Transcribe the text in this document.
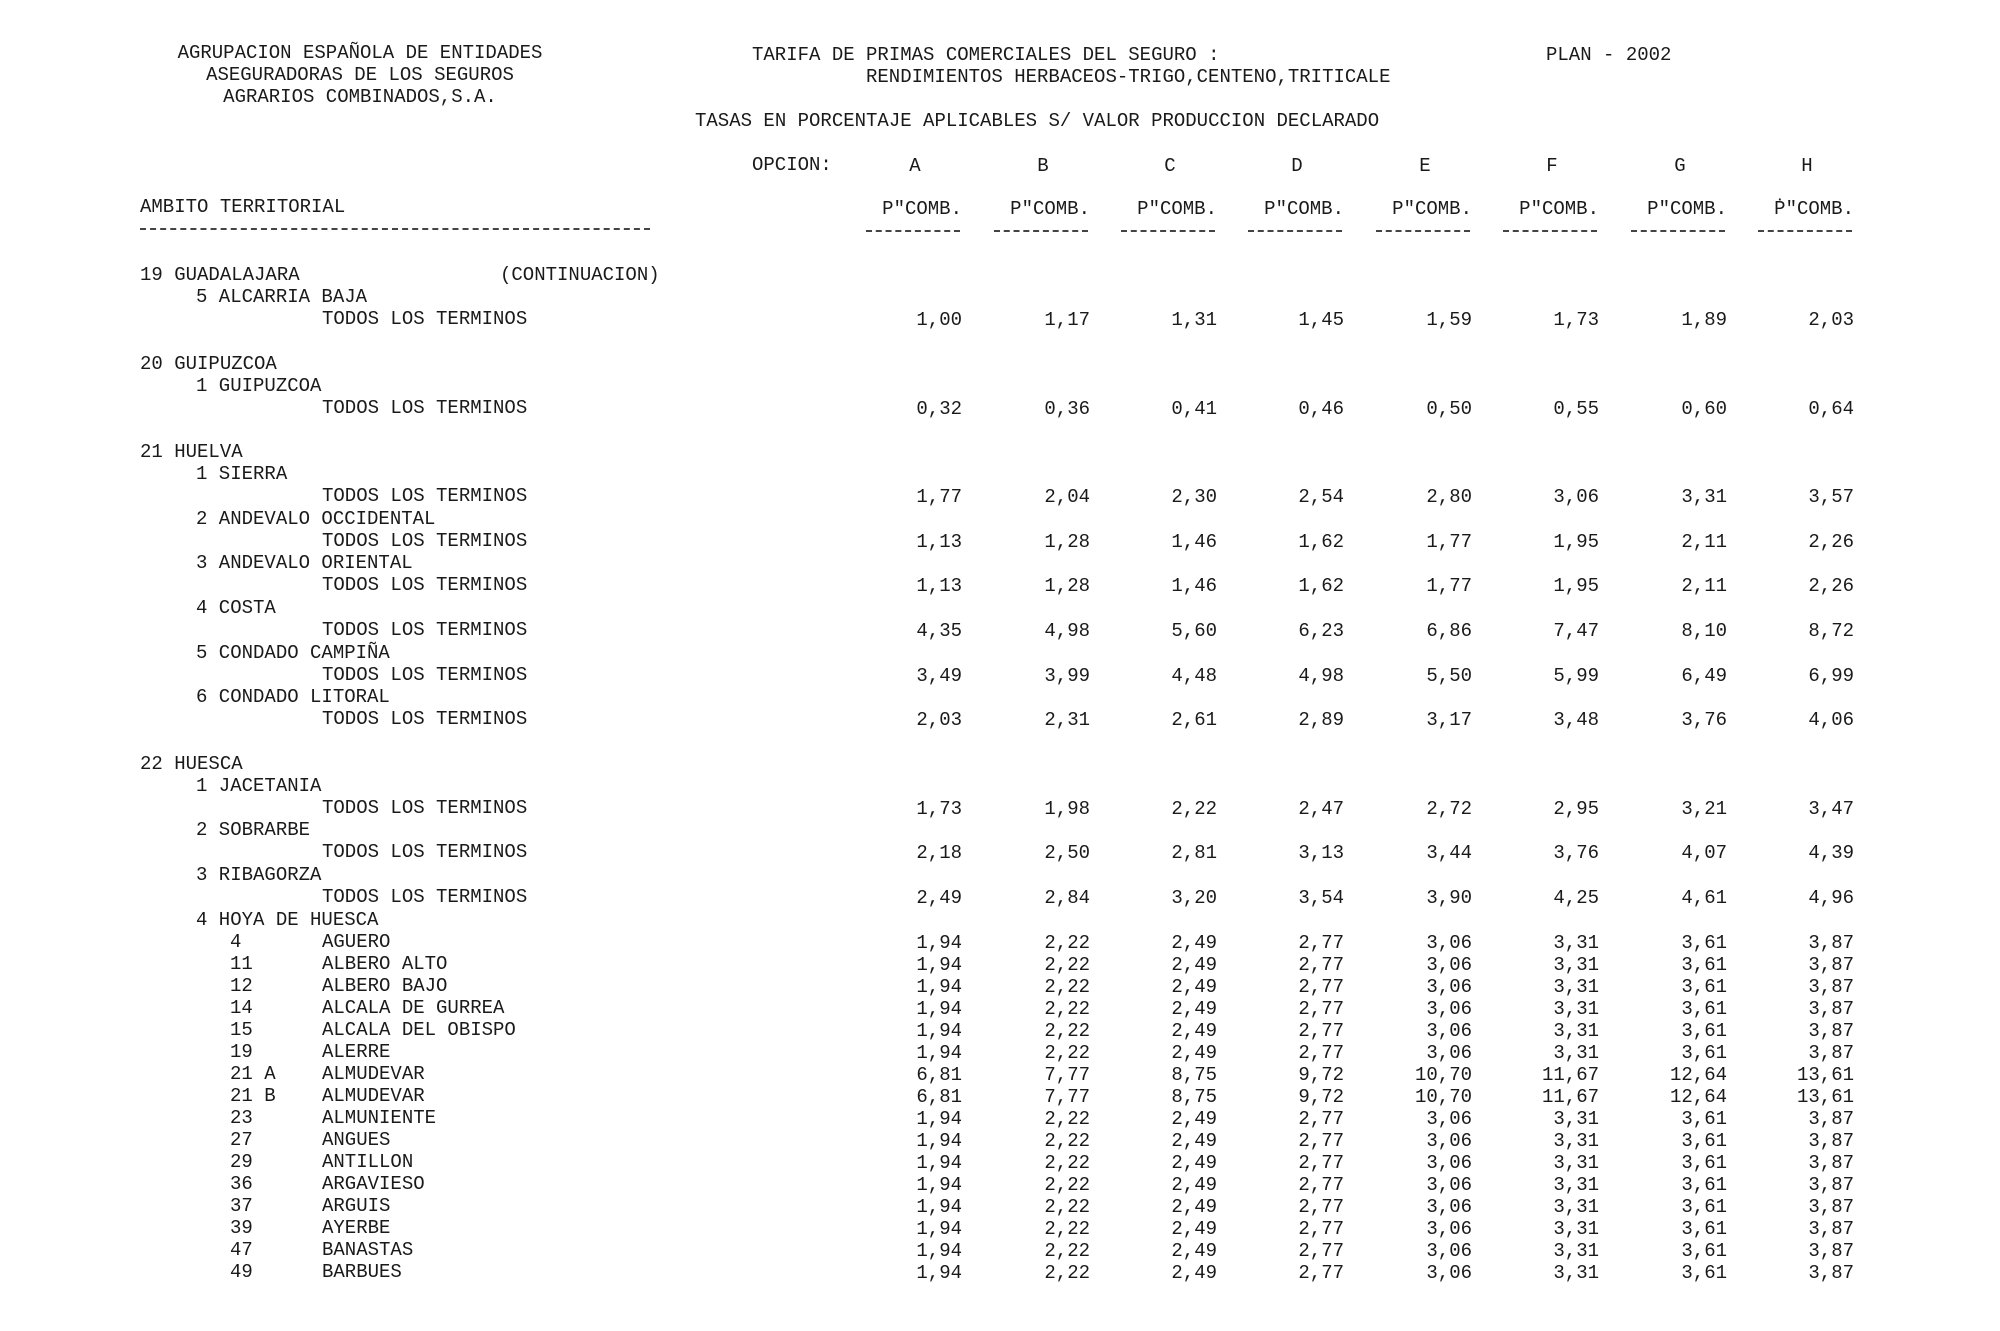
AGRUPACION ESPAÑOLA DE ENTIDADES
ASEGURADORAS DE LOS SEGUROS
AGRARIOS COMBINADOS,S.A.
TARIFA DE PRIMAS COMERCIALES DEL SEGURO :	PLAN - 2002
RENDIMIENTOS HERBACEOS-TRIGO,CENTENO,TRITICALE
TASAS EN PORCENTAJE APLICABLES S/ VALOR PRODUCCION DECLARADO
OPCION:	A	B	C	D	E	F	G	H
AMBITO TERRITORIAL	P"COMB.	P"COMB.	P"COMB.	P"COMB.	P"COMB.	P"COMB.	P"COMB.	Ṗ"COMB.
19 GUADALAJARA	(CONTINUACION)
5 ALCARRIA BAJA
TODOS LOS TERMINOS	1,00	1,17	1,31	1,45	1,59	1,73	1,89	2,03
20 GUIPUZCOA
1 GUIPUZCOA
TODOS LOS TERMINOS	0,32	0,36	0,41	0,46	0,50	0,55	0,60	0,64
21 HUELVA
1 SIERRA
TODOS LOS TERMINOS	1,77	2,04	2,30	2,54	2,80	3,06	3,31	3,57
2 ANDEVALO OCCIDENTAL
TODOS LOS TERMINOS	1,13	1,28	1,46	1,62	1,77	1,95	2,11	2,26
3 ANDEVALO ORIENTAL
TODOS LOS TERMINOS	1,13	1,28	1,46	1,62	1,77	1,95	2,11	2,26
4 COSTA
TODOS LOS TERMINOS	4,35	4,98	5,60	6,23	6,86	7,47	8,10	8,72
5 CONDADO CAMPIÑA
TODOS LOS TERMINOS	3,49	3,99	4,48	4,98	5,50	5,99	6,49	6,99
6 CONDADO LITORAL
TODOS LOS TERMINOS	2,03	2,31	2,61	2,89	3,17	3,48	3,76	4,06
22 HUESCA
1 JACETANIA
TODOS LOS TERMINOS	1,73	1,98	2,22	2,47	2,72	2,95	3,21	3,47
2 SOBRARBE
TODOS LOS TERMINOS	2,18	2,50	2,81	3,13	3,44	3,76	4,07	4,39
3 RIBAGORZA
TODOS LOS TERMINOS	2,49	2,84	3,20	3,54	3,90	4,25	4,61	4,96
4 HOYA DE HUESCA
4	AGUERO	1,94	2,22	2,49	2,77	3,06	3,31	3,61	3,87
11	ALBERO ALTO	1,94	2,22	2,49	2,77	3,06	3,31	3,61	3,87
12	ALBERO BAJO	1,94	2,22	2,49	2,77	3,06	3,31	3,61	3,87
14	ALCALA DE GURREA	1,94	2,22	2,49	2,77	3,06	3,31	3,61	3,87
15	ALCALA DEL OBISPO	1,94	2,22	2,49	2,77	3,06	3,31	3,61	3,87
19	ALERRE	1,94	2,22	2,49	2,77	3,06	3,31	3,61	3,87
21 A ALMUDEVAR	6,81	7,77	8,75	9,72	10,70	11,67	12,64	13,61
21 B ALMUDEVAR	6,81	7,77	8,75	9,72	10,70	11,67	12,64	13,61
23	ALMUNIENTE	1,94	2,22	2,49	2,77	3,06	3,31	3,61	3,87
27	ANGUES	1,94	2,22	2,49	2,77	3,06	3,31	3,61	3,87
29	ANTILLON	1,94	2,22	2,49	2,77	3,06	3,31	3,61	3,87
36	ARGAVIESO	1,94	2,22	2,49	2,77	3,06	3,31	3,61	3,87
37	ARGUIS	1,94	2,22	2,49	2,77	3,06	3,31	3,61	3,87
39	AYERBE	1,94	2,22	2,49	2,77	3,06	3,31	3,61	3,87
47	BANASTAS	1,94	2,22	2,49	2,77	3,06	3,31	3,61	3,87
49	BARBUES	1,94	2,22	2,49	2,77	3,06	3,31	3,61	3,87
